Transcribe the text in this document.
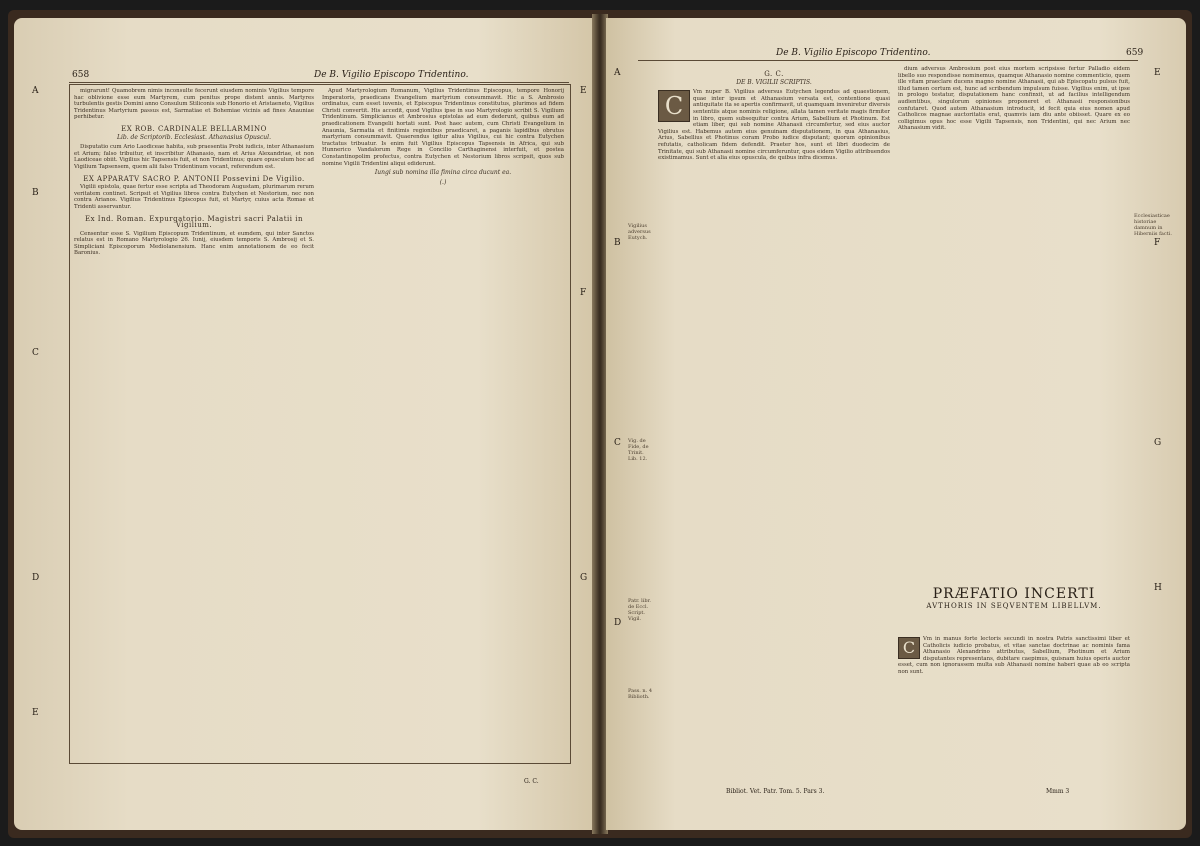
658	De B. Vigilio Episcopo Tridentino.
A
B
C
D
E
E
F
G

migrarunt! Quamobrem nimis inconsulte fecerunt eiusdem nominis Vigilius tempore hac oblivione esse eum Martyrem, cum penitus prope distent annis. Martyres turbulentis gestis Domini anno Consulum Stiliconis sub Honorio et Aristaeneto, Vigilius Tridentinus Martyrium passus est, Sarmatiae et Bohemiae vicinis ad fines Anauniae perhibetur.

EX ROB. CARDINALE BELLARMINO
Lib. de Scriptorib. Ecclesiast. Athanasius Opuscul.

Disputatio cum Ario Laodiceae habita, sub praesentia Probi iudicis, inter Athanasium et Arium; falso tribuitur, et inscribitur Athanasio, nam et Arius Alexandriae, et non Laodiceae obiit. Vigilius hic Tapsensis fuit, et non Tridentinus; quare opusculum hoc ad Vigilium Tapsensem, quem alii falso Tridentinum vocant, referendum est.

EX APPARATV SACRO P. ANTONII Possevini De Vigilio.

Vigilii epistola, quae fertur esse scripta ad Theodoram Augustam, plurimarum rerum veritatem continet. Scripsit et Vigilius libros contra Eutychen et Nestorium, nec non contra Arianos. Vigilius Tridentinus Episcopus fuit, et Martyr, cuius acta Romae et Tridenti asservantur.

Ex Ind. Roman. Expurgatorio. Magistri sacri Palatii in Vigilium.

Censentur esse S. Vigilium Episcopum Tridentinum, et eumdem, qui inter Sanctos relatus est in Romano Martyrologio 26. Iunij, eiusdem temporis S. Ambrosij et S. Simpliciani Episcoporum Mediolanensium. Hanc enim annotationem de eo fecit Baronius.

Apud Martyrologium Romanum, Vigilius Tridentinus Episcopus, tempore Honorij Imperatoris, praedicans Evangelium martyrium consummavit. Hic a S. Ambrosio ordinatus, cum esset iuvenis, et Episcopus Tridentinus constitutus, plurimos ad fidem Christi convertit. His accedit, quod Vigilius ipse in suo Martyrologio scribit S. Vigilium Tridentinum. Simplicianus et Ambrosius epistolas ad eum dederunt, quibus eum ad praedicationem Evangelii hortati sunt. Post haec autem, cum Christi Evangelium in Anaunia, Sarmatia et finitimis regionibus praedicaret, a paganis lapidibus obrutus martyrium consummavit. Quaerendus igitur alius Vigilius, cui hic contra Eutychen tractatus tribuatur. Is enim fuit Vigilius Episcopus Tapsensis in Africa, qui sub Hunnerico Vandalorum Rege in Concilio Carthaginensi interfuit, et postea Constantinopolim profectus, contra Eutychen et Nestorium libros scripsit, quos sub nomine Vigilii Tridentini aliqui ediderunt.

Iungi sub nomina illa fimina circa ducunt ea.
(.)
G. C.
De B. Vigilio Episcopo Tridentino.	659
A
B
C
D
E
F
G
H
Vigilius adversus Eutych.
Vig. de Fide, de Trinit. Lib. 12.
Patr. libr. de Eccl. Script. Vigil.
Pass. n. 4 Biblioth.
G. C.
DE B. VIGILII SCRIPTIS.
C	Vm nuper B. Vigilius adversus Eutychen legendus ad quaestionem, quae inter ipsum et Athanasium versata est, contentione quasi antiquitate ita se apertis confirmavit, ut quamquam inveniretur diversis sententiis atque nominis religione, allata tamen veritate magis firmiter in libro, quem subsequitur contra Arium, Sabellium et Photinum. Est etiam liber, qui sub nomine Athanasii circumfertur, sed eius auctor Vigilius est. Habemus autem eius genuinam disputationem, in qua Athanasius, Arius, Sabellius et Photinus coram Probo iudice disputant; quorum opinionibus refutatis, catholicam fidem defendit. Praeter hos, sunt et libri duodecim de Trinitate, qui sub Athanasii nomine circumferuntur, quos eidem Vigilio attribuendos existimamus. Sunt et alia eius opuscula, de quibus infra dicemus.

dium adversus Ambrosium post eius mortem scripsisse fertur Palladio eidem libello suo respondisse nominemus, quamque Athanasio nomine commenticio, quem ille vitam praeclare ducens magno nomine Athanasii, qui ab Episcopatu pulsus fuit, illud tamen certum est, hunc ad scribendum impulsum fuisse. Vigilius enim, ut ipse in prologo testatur, disputationem hanc confinxit, ut ad facilius intelligendum audientibus, singulorum opiniones proponeret et Athanasii responsionibus confutaret. Quod autem Athanasium introducit, id fecit quia eius nomen apud Catholicos magnae auctoritatis erat, quamvis iam diu ante obiisset. Quare ex eo colligimus opus hoc esse Vigilii Tapsensis, non Tridentini, qui nec Arium nec Athanasium vidit.

Ecclesiasticae historiae damnum in Hiberniis facti.
PRÆFATIO INCERTI
AVTHORIS IN SEQVENTEM LIBELLVM.
C	Vm in manus forte lectoris secundi in nostra Patris sanctissimi liber et Catholicis iudicio probatus, et vitae sanctae doctrinae ac nominis fama Athanasio Alexandrino attributus, Sabellium, Photinum et Arium disputantes representans, dubitare caepimus, quisnam huius operis auctor esset, cum non ignorassem multa sub Athanasii nomine haberi quae ab eo scripta non sunt.

Bibliot. Vet. Patr. Tom. 5. Pars 3.	Mmm 3
